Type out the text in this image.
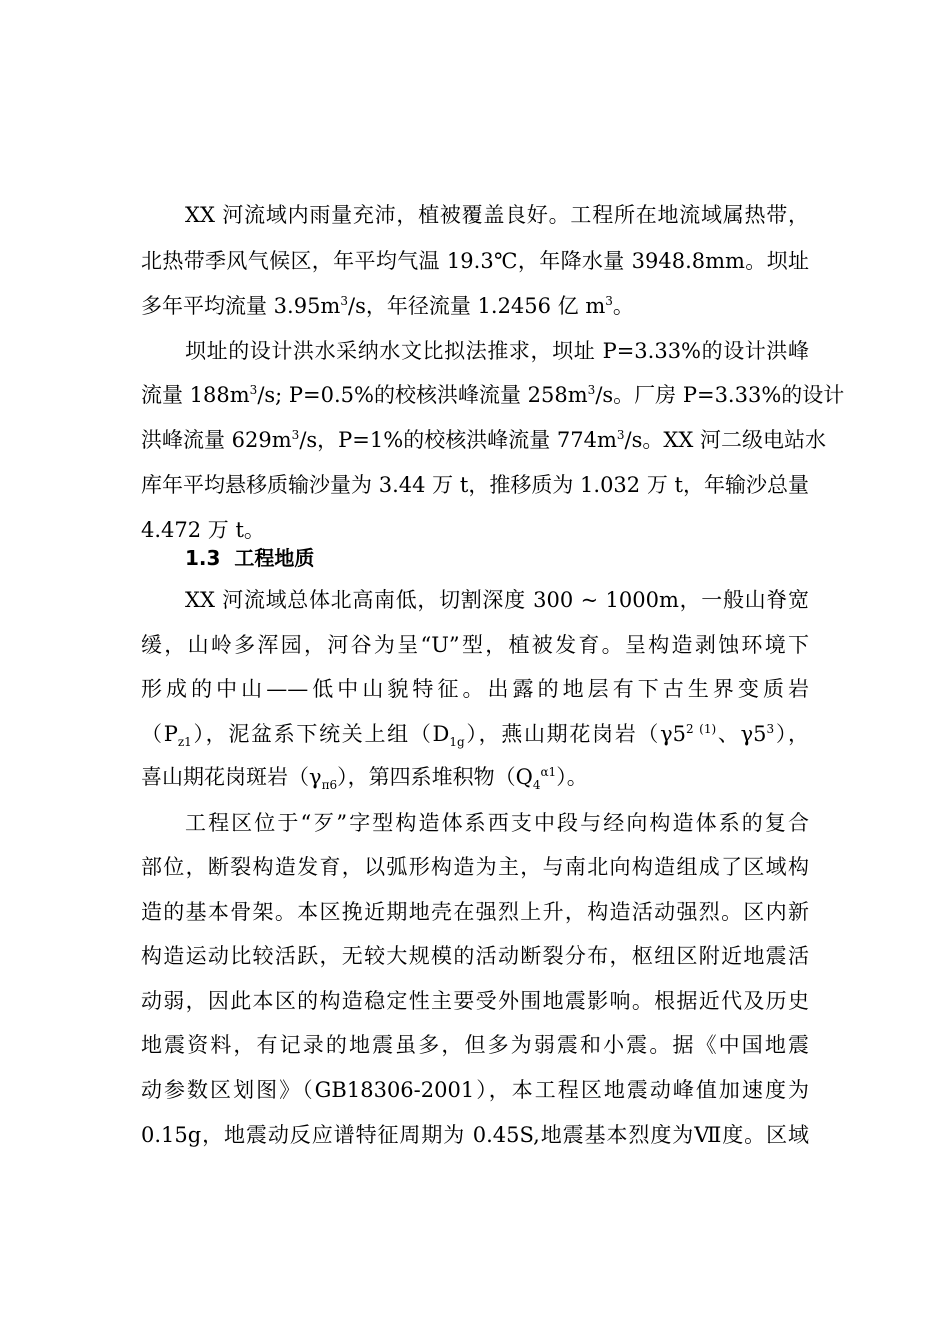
XX 河流域内雨量充沛，植被覆盖良好。工程所在地流域属热带，
北热带季风气候区，年平均气温 19.3℃，年降水量 3948.8mm。坝址
多年平均流量 $3.95m^3/s$，年径流量 1.2456 亿 $m^3$。
坝址的设计洪水采纳水文比拟法推求，坝址 P=3.33%的设计洪峰
流量 $188m^3/s$; P=0.5%的校核洪峰流量 $258m^3/s$。厂房 P=3.33%的设计
洪峰流量 $629m^3/s$，P=1%的校核洪峰流量 $774m^3/s$。XX 河二级电站水
库年平均悬移质输沙量为 3.44 万 t，推移质为 1.032 万 t，年输沙总量
4.472 万 t。
1.3 工程地质
XX 河流域总体北高南低，切割深度 300 ~ 1000m，一般山脊宽
缓，山岭多浑园，河谷为呈“U”型，植被发育。呈构造剥蚀环境下
形成的中山——低中山貌特征。出露的地层有下古生界变质岩
$(P_{z1})$，泥盆系下统关上组$(D_{1g})$，燕山期花岗岩（$\gamma 5^{2 (1)}$、$\gamma 5^3$），
喜山期花岗斑岩$(\gamma_{\pi 6})$，第四系堆积物$(Q_4^{\alpha 1})$。
工程区位于“歹”字型构造体系西支中段与经向构造体系的复合
部位，断裂构造发育，以弧形构造为主，与南北向构造组成了区域构
造的基本骨架。本区挽近期地壳在强烈上升，构造活动强烈。区内新
构造运动比较活跃，无较大规模的活动断裂分布，枢纽区附近地震活
动弱，因此本区的构造稳定性主要受外围地震影响。根据近代及历史
地震资料，有记录的地震虽多，但多为弱震和小震。据《中国地震
动参数区划图》（GB18306-2001），本工程区地震动峰值加速度为
0.15g，地震动反应谱特征周期为 0.45S,地震基本烈度为Ⅶ度。区域
